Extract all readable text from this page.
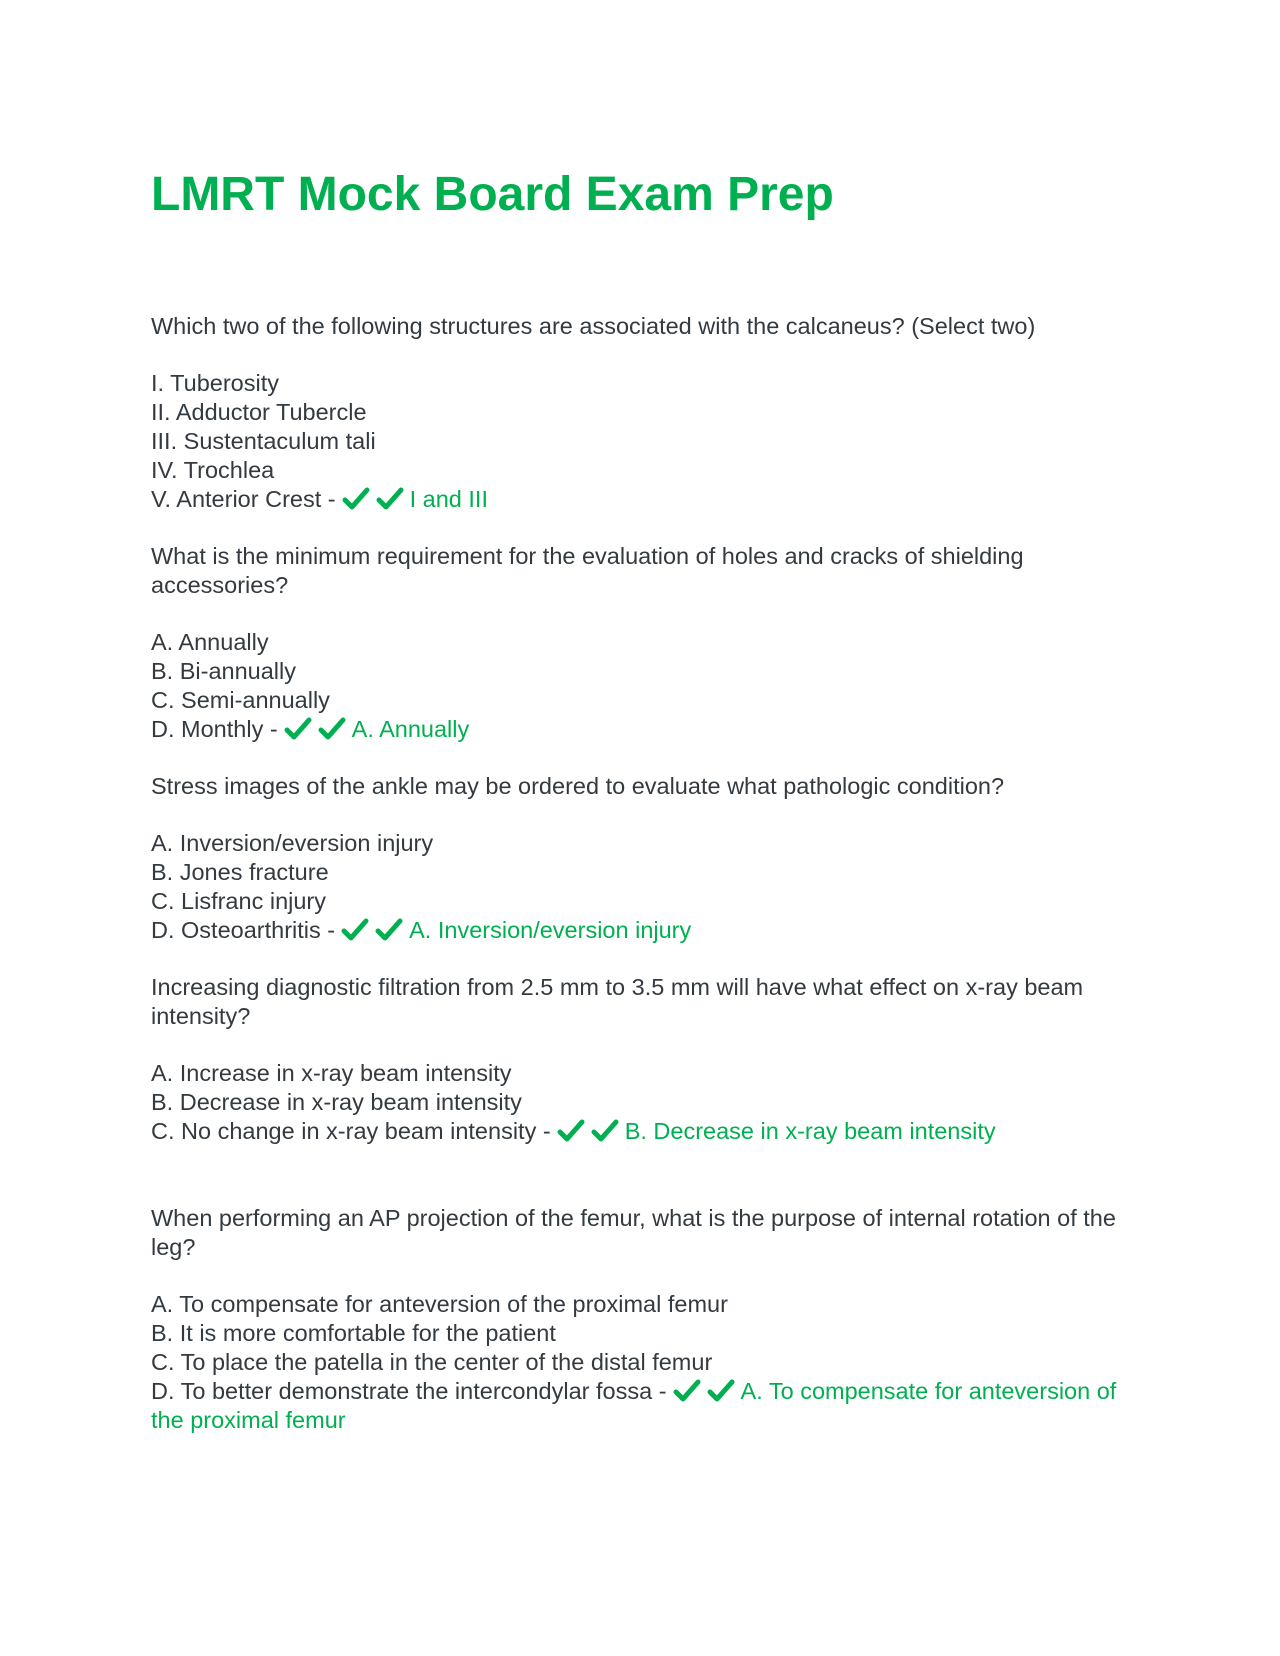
LMRT Mock Board Exam Prep

Which two of the following structures are associated with the calcaneus? (Select two)

I. Tuberosity

II. Adductor Tubercle

III. Sustentaculum tali

IV. Trochlea

V. Anterior Crest -	I and III

What is the minimum requirement for the evaluation of holes and cracks of shielding accessories?

A. Annually

B. Bi-annually

C. Semi-annually

D. Monthly -	A. Annually

Stress images of the ankle may be ordered to evaluate what pathologic condition?

A. Inversion/eversion injury

B. Jones fracture

C. Lisfranc injury

D. Osteoarthritis -	A. Inversion/eversion injury

Increasing diagnostic filtration from 2.5 mm to 3.5 mm will have what effect on x-ray beam intensity?

A. Increase in x-ray beam intensity

B. Decrease in x-ray beam intensity

C. No change in x-ray beam intensity -	B. Decrease in x-ray beam intensity

When performing an AP projection of the femur, what is the purpose of internal rotation of the leg?

A. To compensate for anteversion of the proximal femur

B. It is more comfortable for the patient

C. To place the patella in the center of the distal femur

D. To better demonstrate the intercondylar fossa -	A. To compensate for anteversion of the proximal femur
